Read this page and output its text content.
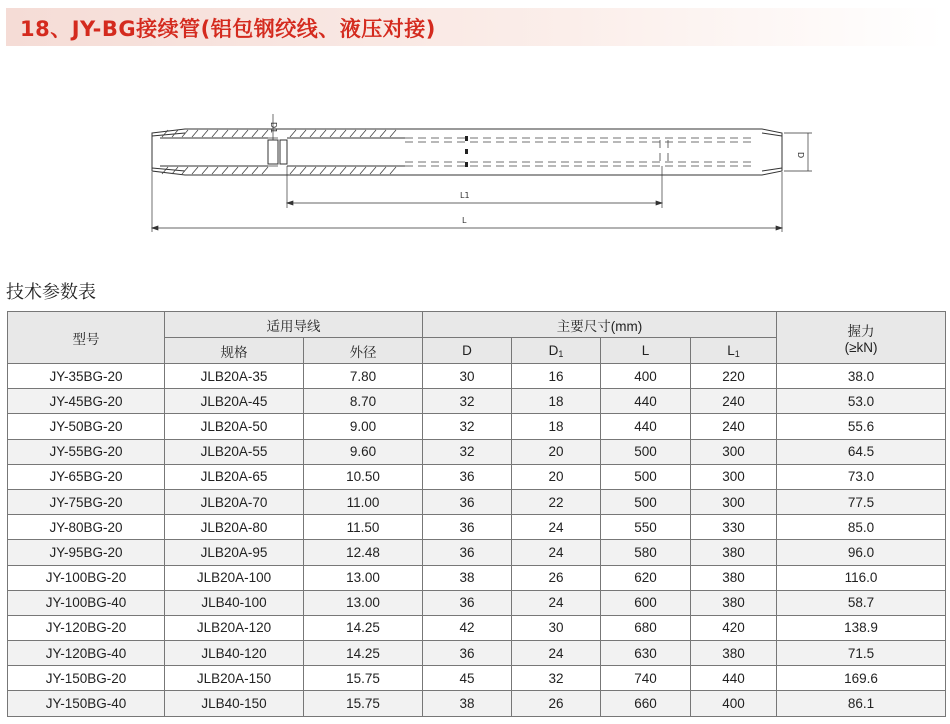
18、JY-BG接续管(铝包钢绞线、液压对接)
D1
D
L1
L
技术参数表
型号	适用导线		主要尺寸(mm)				握力
(≥kN)
	规格	外径	D	$D_1$	L	$L_1$
JY-35BG-20	JLB20A-35	7.80	30	16	400	220	38.0
JY-45BG-20	JLB20A-45	8.70	32	18	440	240	53.0
JY-50BG-20	JLB20A-50	9.00	32	18	440	240	55.6
JY-55BG-20	JLB20A-55	9.60	32	20	500	300	64.5
JY-65BG-20	JLB20A-65	10.50	36	20	500	300	73.0
JY-75BG-20	JLB20A-70	11.00	36	22	500	300	77.5
JY-80BG-20	JLB20A-80	11.50	36	24	550	330	85.0
JY-95BG-20	JLB20A-95	12.48	36	24	580	380	96.0
JY-100BG-20	JLB20A-100	13.00	38	26	620	380	116.0
JY-100BG-40	JLB40-100	13.00	36	24	600	380	58.7
JY-120BG-20	JLB20A-120	14.25	42	30	680	420	138.9
JY-120BG-40	JLB40-120	14.25	36	24	630	380	71.5
JY-150BG-20	JLB20A-150	15.75	45	32	740	440	169.6
JY-150BG-40	JLB40-150	15.75	38	26	660	400	86.1
